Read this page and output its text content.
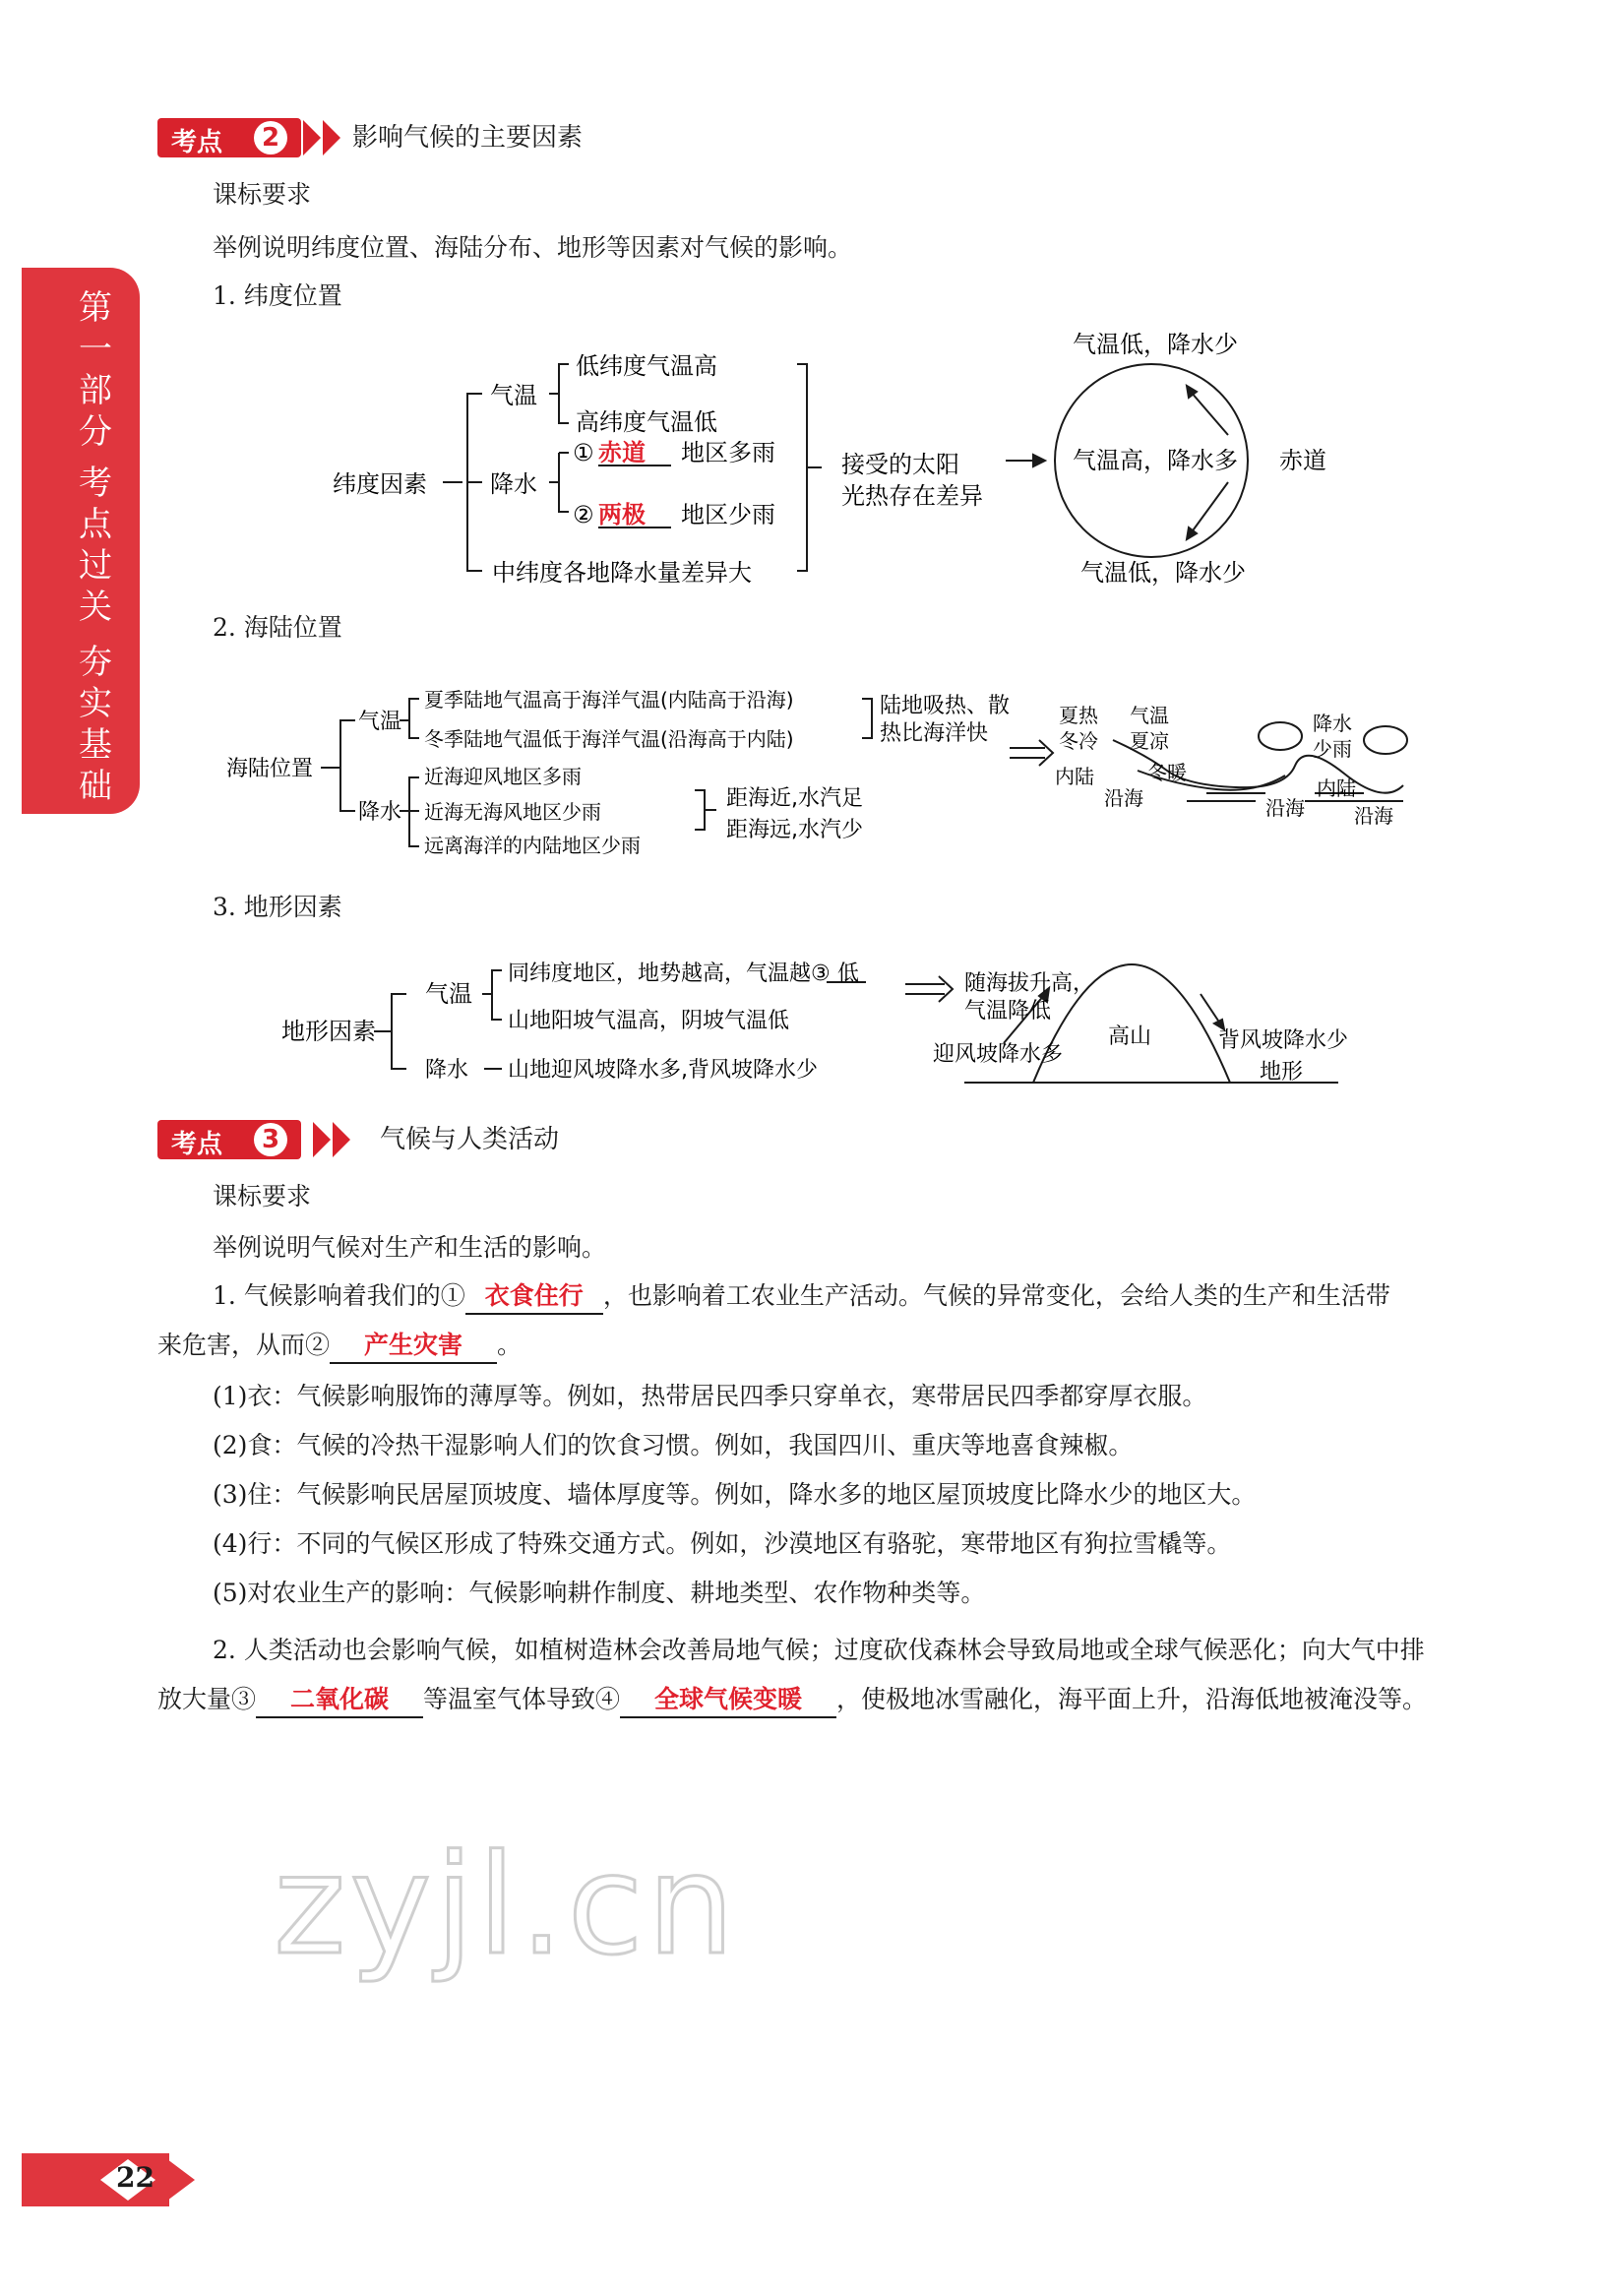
第一部分
考点过关
夯实基础
考点	2	影响气候的主要因素
课标要求
举例说明纬度位置、海陆分布、地形等因素对气候的影响。
1. 纬度位置
纬度因素
气温
低纬度气温高
高纬度气温低
降水
① 赤道 地区多雨
② 两极 地区少雨
中纬度各地降水量差异大
接受的太阳
光热存在差异
气温低，降水少
气温高，降水多
气温低，降水少
赤道
2. 海陆位置
海陆位置
气温
夏季陆地气温高于海洋气温(内陆高于沿海)
冬季陆地气温低于海洋气温(沿海高于内陆)
陆地吸热、散
热比海洋快
降水
近海迎风地区多雨
近海无海风地区少雨
远离海洋的内陆地区少雨
距海近,水汽足
距海远,水汽少
夏热
冬冷
内陆
气温
夏凉
冬暖
沿海	沿海
降水
少雨
内陆
沿海
3. 地形因素
地形因素
气温
同纬度地区，地势越高，气温越③ 低
山地阳坡气温高，阴坡气温低
降水 山地迎风坡降水多,背风坡降水少
随海拔升高，
气温降低
迎风坡降水多
高山	背风坡降水少
地形
考点	3	气候与人类活动
课标要求
举例说明气候对生产和生活的影响。
1. 气候影响着我们的① 衣食住行 ，也影响着工农业生产活动。气候的异常变化，会给人类的生产和生活带
来危害，从而② 产生灾害 。
(1)衣：气候影响服饰的薄厚等。例如，热带居民四季只穿单衣，寒带居民四季都穿厚衣服。
(2)食：气候的冷热干湿影响人们的饮食习惯。例如，我国四川、重庆等地喜食辣椒。
(3)住：气候影响民居屋顶坡度、墙体厚度等。例如，降水多的地区屋顶坡度比降水少的地区大。
(4)行：不同的气候区形成了特殊交通方式。例如，沙漠地区有骆驼，寒带地区有狗拉雪橇等。
(5)对农业生产的影响：气候影响耕作制度、耕地类型、农作物种类等。
2. 人类活动也会影响气候，如植树造林会改善局地气候；过度砍伐森林会导致局地或全球气候恶化；向大气中排
放大量③ 二氧化碳 等温室气体导致④ 全球气候变暖 ，使极地冰雪融化，海平面上升，沿海低地被淹没等。
zyjl.cn
22
